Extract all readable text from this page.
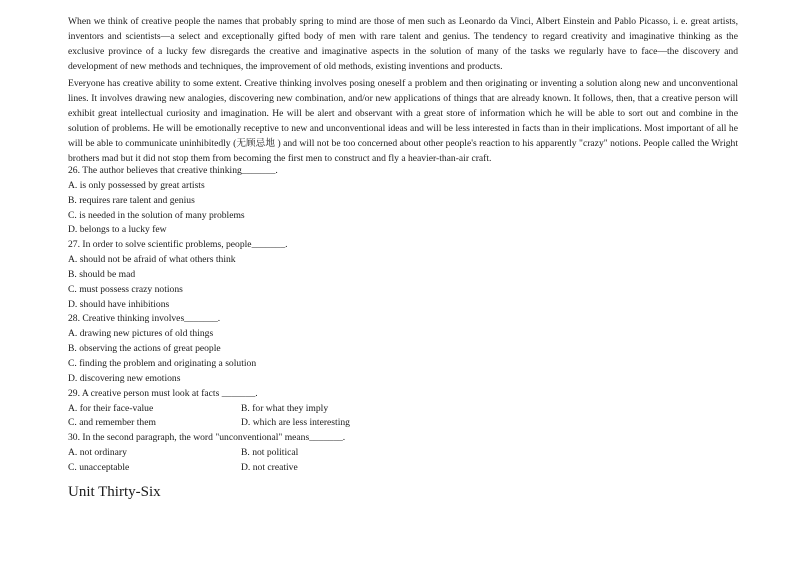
When we think of creative people the names that probably spring to mind are those of men such as Leonardo da Vinci, Albert Einstein and Pablo Picasso, i. e. great artists, inventors and scientists—a select and exceptionally gifted body of men with rare talent and genius. The tendency to regard creativity and imaginative thinking as the exclusive province of a lucky few disregards the creative and imaginative aspects in the solution of many of the tasks we regularly have to face—the discovery and development of new methods and techniques, the improvement of old methods, existing inventions and products.

Everyone has creative ability to some extent. Creative thinking involves posing oneself a problem and then originating or inventing a solution along new and unconventional lines. It involves drawing new analogies, discovering new combination, and/or new applications of things that are already known. It follows, then, that a creative person will exhibit great intellectual curiosity and imagination. He will be alert and observant with a great store of information which he will be able to sort out and combine in the solution of problems. He will be emotionally receptive to new and unconventional ideas and will be less interested in facts than in their implications. Most important of all he will be able to communicate uninhibitedly (无顾忌地 ) and will not be too concerned about other people's reaction to his apparently "crazy" notions. People called the Wright brothers mad but it did not stop them from becoming the first men to construct and fly a heavier-than-air craft.

26. The author believes that creative thinking_______.
A. is only possessed by great artists
B. requires rare talent and genius
C. is needed in the solution of many problems
D. belongs to a lucky few
27. In order to solve scientific problems, people_______.
A. should not be afraid of what others think
B. should be mad
C. must possess crazy notions
D. should have inhibitions
28. Creative thinking involves_______.
A. drawing new pictures of old things
B. observing the actions of great people
C. finding the problem and originating a solution
D. discovering new emotions
29. A creative person must look at facts _______.
A. for their face-value	B. for what they imply
C. and remember them	D. which are less interesting
30. In the second paragraph, the word "unconventional" means_______.
A. not ordinary	B. not political
C. unacceptable	D. not creative
Unit Thirty-Six
